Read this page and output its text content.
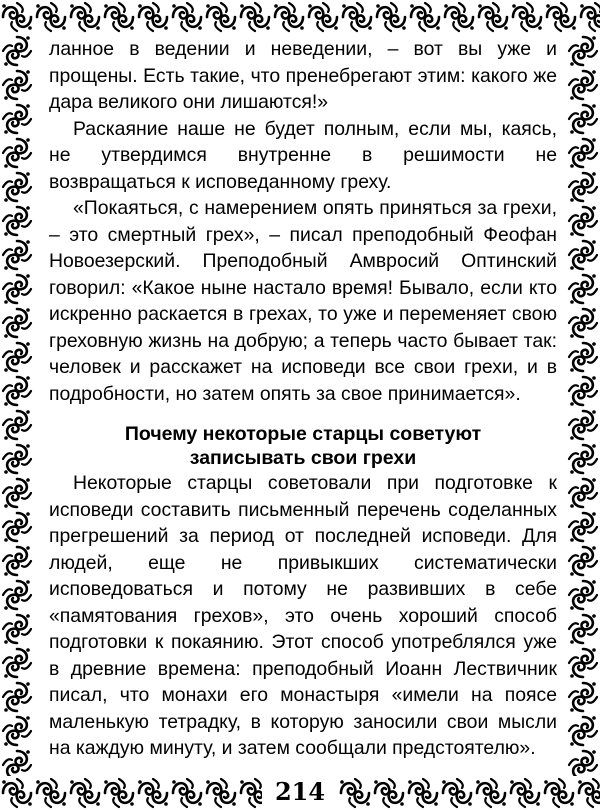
ланное в ведении и неведении, – вот вы уже и прощены. Есть такие, что пренебрегают этим: какого же дара великого они лишаются!»

Раскаяние наше не будет полным, если мы, каясь, не утвердимся внутренне в решимости не возвращаться к исповеданному греху.

«Покаяться, с намерением опять приняться за грехи, – это смертный грех», – писал преподобный Феофан Новоезерский. Преподобный Амвросий Оптинский говорил: «Какое ныне настало время! Бывало, если кто искренно раскается в грехах, то уже и переменяет свою греховную жизнь на добрую; а теперь часто бывает так: человек и расскажет на исповеди все свои грехи, и в подробности, но затем опять за свое принимается».

Почему некоторые старцы советуют
записывать свои грехи

Некоторые старцы советовали при подготовке к исповеди составить письменный перечень соделанных прегрешений за период от последней исповеди. Для людей, еще не привыкших систематически исповедоваться и потому не развивших в себе «памятования грехов», это очень хороший способ подготовки к покаянию. Этот способ употреблялся уже в древние времена: преподобный Иоанн Лествичник писал, что монахи его монастыря «имели на поясе маленькую тетрадку, в которую заносили свои мысли на каждую минуту, и затем сообщали предстоятелю».

214
